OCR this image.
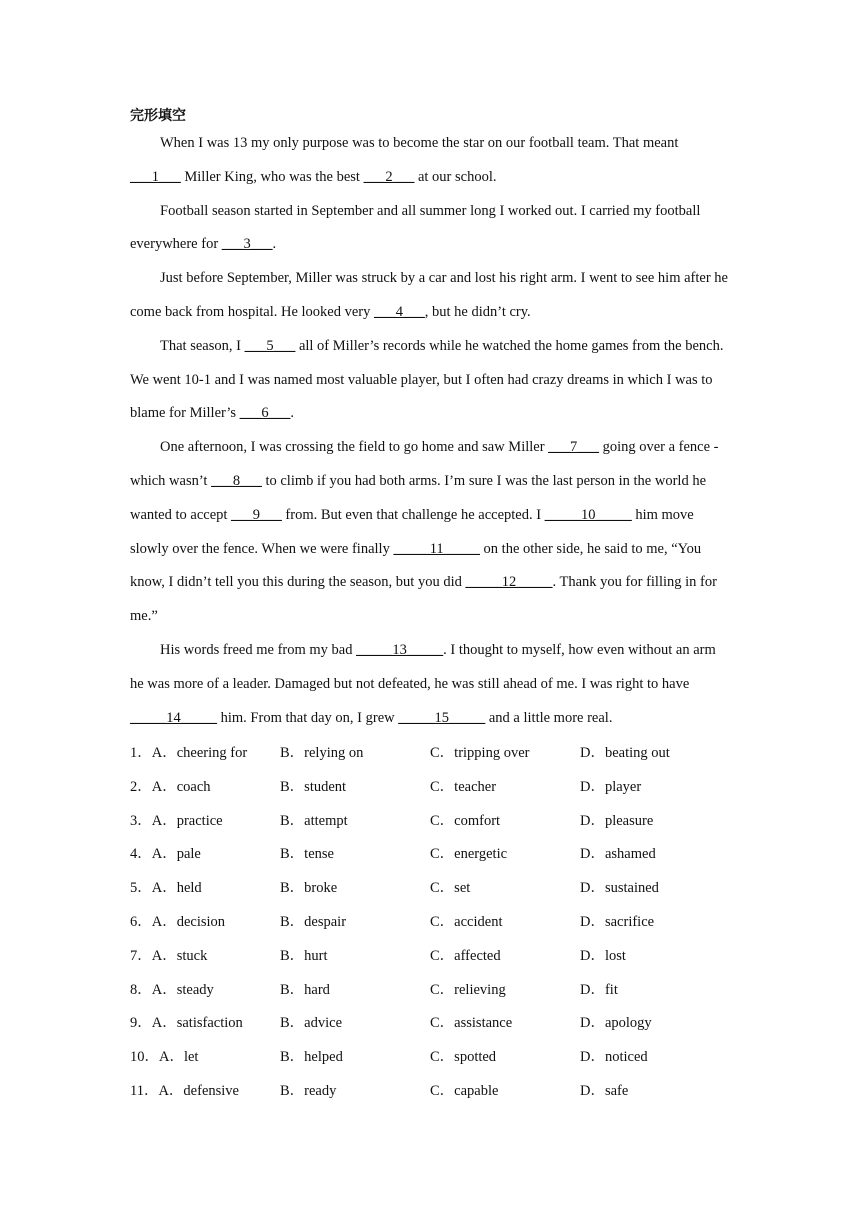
完形填空

When I was 13 my only purpose was to become the star on our football team. That meant ___1___ Miller King, who was the best ___2___ at our school.

Football season started in September and all summer long I worked out. I carried my football everywhere for ___3___.

Just before September, Miller was struck by a car and lost his right arm. I went to see him after he come back from hospital. He looked very ___4___, but he didn’t cry.

That season, I ___5___ all of Miller’s records while he watched the home games from the bench. We went 10-1 and I was named most valuable player, but I often had crazy dreams in which I was to blame for Miller’s ___6___.

One afternoon, I was crossing the field to go home and saw Miller ___7___ going over a fence - which wasn’t ___8___ to climb if you had both arms. I’m sure I was the last person in the world he wanted to accept ___9___ from. But even that challenge he accepted. I _____10_____ him move slowly over the fence. When we were finally _____11_____ on the other side, he said to me, “You know, I didn’t tell you this during the season, but you did _____12_____. Thank you for filling in for me.”

His words freed me from my bad _____13_____. I thought to myself, how even without an arm he was more of a leader. Damaged but not defeated, he was still ahead of me. I was right to have _____14_____ him. From that day on, I grew _____15_____ and a little more real.

1．A．cheering for B．relying on	C．tripping over	D．beating out
2．A．coach	B．student	C．teacher	D．player
3．A．practice	B．attempt	C．comfort	D．pleasure
4．A．pale	B．tense	C．energetic	D．ashamed
5．A．held	B．broke	C．set	D．sustained
6．A．decision	B．despair	C．accident	D．sacrifice
7．A．stuck	B．hurt	C．affected	D．lost
8．A．steady	B．hard	C．relieving	D．fit
9．A．satisfaction	B．advice	C．assistance	D．apology
10．A．let	B．helped	C．spotted	D．noticed
11．A．defensive	B．ready	C．capable	D．safe
